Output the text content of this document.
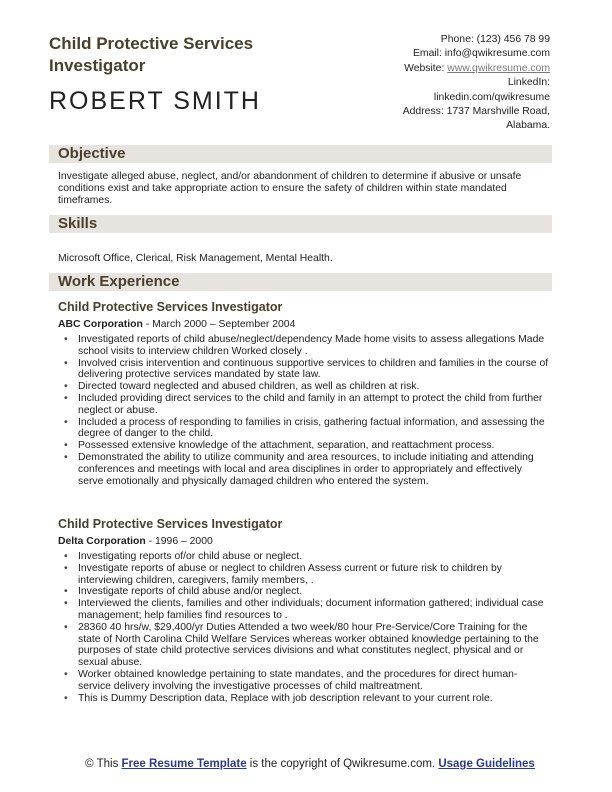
Child Protective Services Investigator
ROBERT SMITH
Phone: (123) 456 78 99
Email: info@qwikresume.com
Website: www.qwikresume.com
LinkedIn:
linkedin.com/qwikresume
Address: 1737 Marshville Road,
Alabama.
Objective
Investigate alleged abuse, neglect, and/or abandonment of children to determine if abusive or unsafe conditions exist and take appropriate action to ensure the safety of children within state mandated timeframes.
Skills
Microsoft Office, Clerical, Risk Management, Mental Health.
Work Experience
Child Protective Services Investigator
ABC Corporation - March 2000 – September 2004
• Investigated reports of child abuse/neglect/dependency Made home visits to assess allegations Made school visits to interview children Worked closely .
• Involved crisis intervention and continuous supportive services to children and families in the course of delivering protective services mandated by state law.
• Directed toward neglected and abused children, as well as children at risk.
• Included providing direct services to the child and family in an attempt to protect the child from further neglect or abuse.
• Included a process of responding to families in crisis, gathering factual information, and assessing the degree of danger to the child.
• Possessed extensive knowledge of the attachment, separation, and reattachment process.
• Demonstrated the ability to utilize community and area resources, to include initiating and attending conferences and meetings with local and area disciplines in order to appropriately and effectively serve emotionally and physically damaged children who entered the system.
Child Protective Services Investigator
Delta Corporation - 1996 – 2000
• Investigating reports of/or child abuse or neglect.
• Investigate reports of abuse or neglect to children Assess current or future risk to children by interviewing children, caregivers, family members, .
• Investigate reports of child abuse and/or neglect.
• Interviewed the clients, families and other individuals; document information gathered; individual case management; help families find resources to .
• 28360 40 hrs/w, $29,400/yr Duties Attended a two week/80 hour Pre-Service/Core Training for the state of North Carolina Child Welfare Services whereas worker obtained knowledge pertaining to the purposes of state child protective services divisions and what constitutes neglect, physical and or sexual abuse.
• Worker obtained knowledge pertaining to state mandates, and the procedures for direct human-service delivery involving the investigative processes of child maltreatment.
• This is Dummy Description data, Replace with job description relevant to your current role.
© This Free Resume Template is the copyright of Qwikresume.com. Usage Guidelines
